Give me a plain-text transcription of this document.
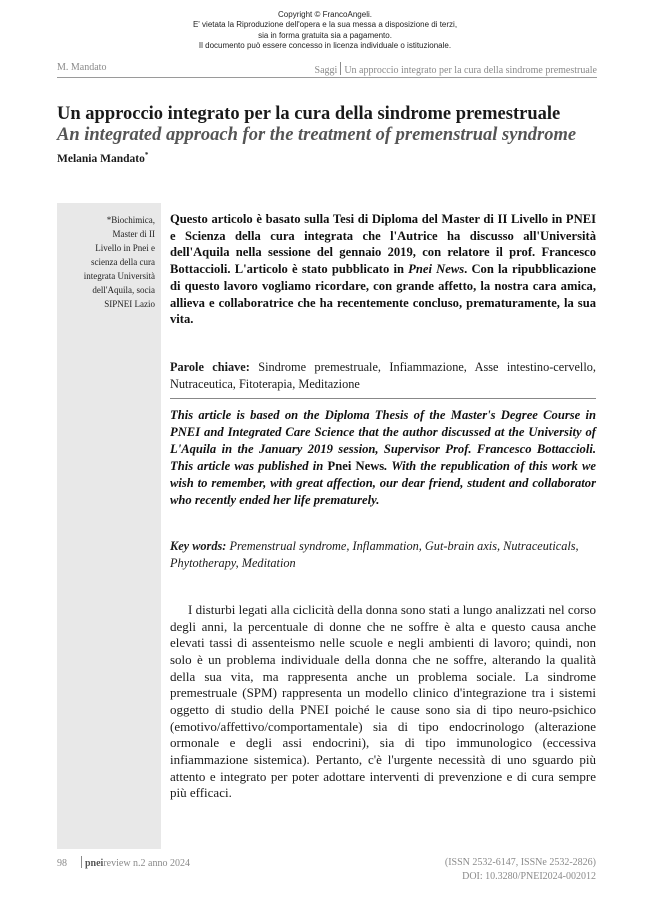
Copyright © FrancoAngeli.
E' vietata la Riproduzione dell'opera e la sua messa a disposizione di terzi,
sia in forma gratuita sia a pagamento.
Il documento può essere concesso in licenza individuale o istituzionale.
M. Mandato	Saggi Un approccio integrato per la cura della sindrome premestruale
Un approccio integrato per la cura della sindrome premestruale
An integrated approach for the treatment of premenstrual syndrome
Melania Mandato*
*Biochimica,
Master di II
Livello in Pnei e
scienza della cura
integrata Università
dell'Aquila, socia
SIPNEI Lazio

Questo articolo è basato sulla Tesi di Diploma del Master di II Livello in PNEI e Scienza della cura integrata che l'Autrice ha discusso all'Università dell'Aquila nella sessione del gennaio 2019, con relatore il prof. Francesco Bottaccioli. L'articolo è stato pubblicato in Pnei News. Con la ripubblicazione di questo lavoro vogliamo ricordare, con grande affetto, la nostra cara amica, allieva e collaboratrice che ha recentemente concluso, prematuramente, la sua vita.

Parole chiave: Sindrome premestruale, Infiammazione, Asse intestino-cervello, Nutraceutica, Fitoterapia, Meditazione

This article is based on the Diploma Thesis of the Master's Degree Course in PNEI and Integrated Care Science that the author discussed at the University of L'Aquila in the January 2019 session, Supervisor Prof. Francesco Bottaccioli. This article was published in Pnei News. With the republication of this work we wish to remember, with great affection, our dear friend, student and collaborator who recently ended her life prematurely.

Key words: Premenstrual syndrome, Inflammation, Gut-brain axis, Nutraceuticals, Phytotherapy, Meditation

I disturbi legati alla ciclicità della donna sono stati a lungo analizzati nel corso degli anni, la percentuale di donne che ne soffre è alta e questo causa anche elevati tassi di assenteismo nelle scuole e negli ambienti di lavoro; quindi, non solo è un problema individuale della donna che ne soffre, alterando la qualità della sua vita, ma rappresenta anche un problema sociale. La sindrome premestruale (SPM) rappresenta un modello clinico d'integrazione tra i sistemi oggetto di studio della PNEI poiché le cause sono sia di tipo neuro-psichico (emotivo/affettivo/comportamentale) sia di tipo endocrinologo (alterazione ormonale e degli assi endocrini), sia di tipo immunologico (eccessiva infiammazione sistemica). Pertanto, c'è l'urgente necessità di uno sguardo più attento e integrato per poter adottare interventi di prevenzione e di cura sempre più efficaci.

98 pneireview n.2 anno 2024	(ISSN 2532-6147, ISSNe 2532-2826)
DOI: 10.3280/PNEI2024-002012
